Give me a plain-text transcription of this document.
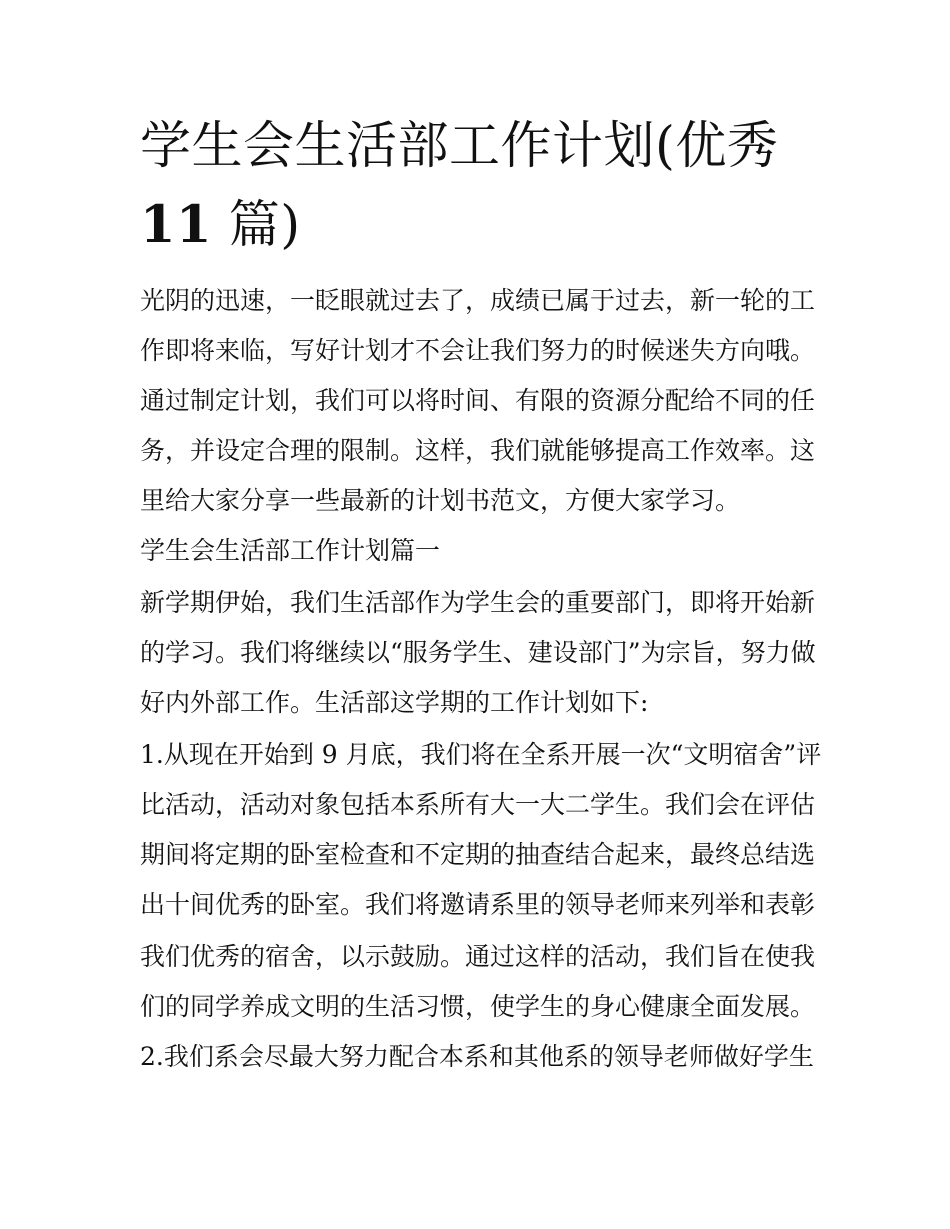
学生会生活部工作计划(优秀
11 篇)

光阴的迅速，一眨眼就过去了，成绩已属于过去，新一轮的工

作即将来临，写好计划才不会让我们努力的时候迷失方向哦。

通过制定计划，我们可以将时间、有限的资源分配给不同的任

务，并设定合理的限制。这样，我们就能够提高工作效率。这

里给大家分享一些最新的计划书范文，方便大家学习。

学生会生活部工作计划篇一

新学期伊始，我们生活部作为学生会的重要部门，即将开始新

的学习。我们将继续以“服务学生、建设部门”为宗旨，努力做

好内外部工作。生活部这学期的工作计划如下:

1.从现在开始到 9 月底，我们将在全系开展一次“文明宿舍”评

比活动，活动对象包括本系所有大一大二学生。我们会在评估

期间将定期的卧室检查和不定期的抽查结合起来，最终总结选

出十间优秀的卧室。我们将邀请系里的领导老师来列举和表彰

我们优秀的宿舍，以示鼓励。通过这样的活动，我们旨在使我

们的同学养成文明的生活习惯，使学生的身心健康全面发展。

2.我们系会尽最大努力配合本系和其他系的领导老师做好学生
